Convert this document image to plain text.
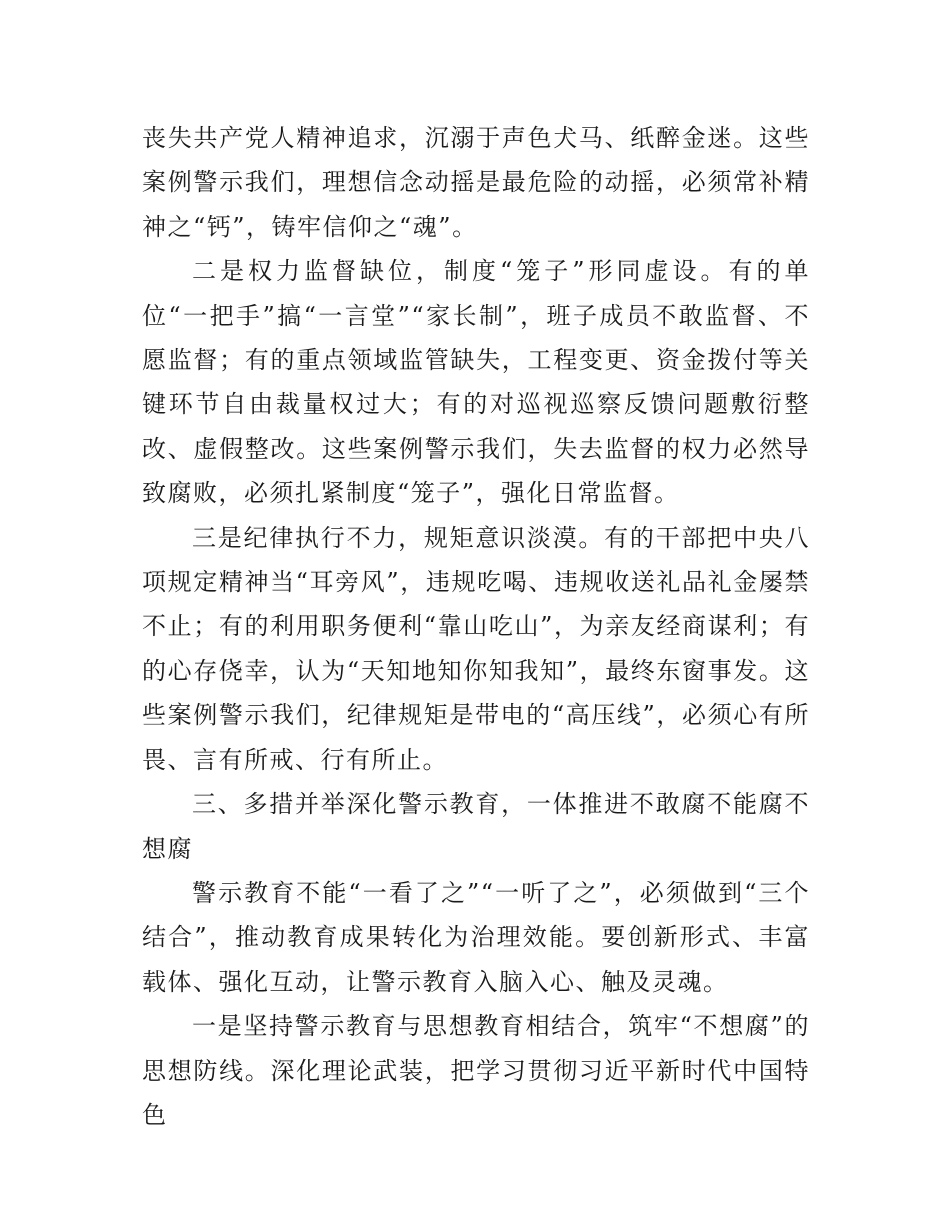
丧失共产党人精神追求，沉溺于声色犬马、纸醉金迷。这些案例警示我们，理想信念动摇是最危险的动摇，必须常补精神之“钙”，铸牢信仰之“魂”。

二是权力监督缺位，制度“笼子”形同虚设。有的单位“一把手”搞“一言堂”“家长制”，班子成员不敢监督、不愿监督；有的重点领域监管缺失，工程变更、资金拨付等关键环节自由裁量权过大；有的对巡视巡察反馈问题敷衍整改、虚假整改。这些案例警示我们，失去监督的权力必然导致腐败，必须扎紧制度“笼子”，强化日常监督。

三是纪律执行不力，规矩意识淡漠。有的干部把中央八项规定精神当“耳旁风”，违规吃喝、违规收送礼品礼金屡禁不止；有的利用职务便利“靠山吃山”，为亲友经商谋利；有的心存侥幸，认为“天知地知你知我知”，最终东窗事发。这些案例警示我们，纪律规矩是带电的“高压线”，必须心有所畏、言有所戒、行有所止。

三、多措并举深化警示教育，一体推进不敢腐不能腐不想腐

警示教育不能“一看了之”“一听了之”，必须做到“三个结合”，推动教育成果转化为治理效能。要创新形式、丰富载体、强化互动，让警示教育入脑入心、触及灵魂。

一是坚持警示教育与思想教育相结合，筑牢“不想腐”的思想防线。深化理论武装，把学习贯彻习近平新时代中国特色
